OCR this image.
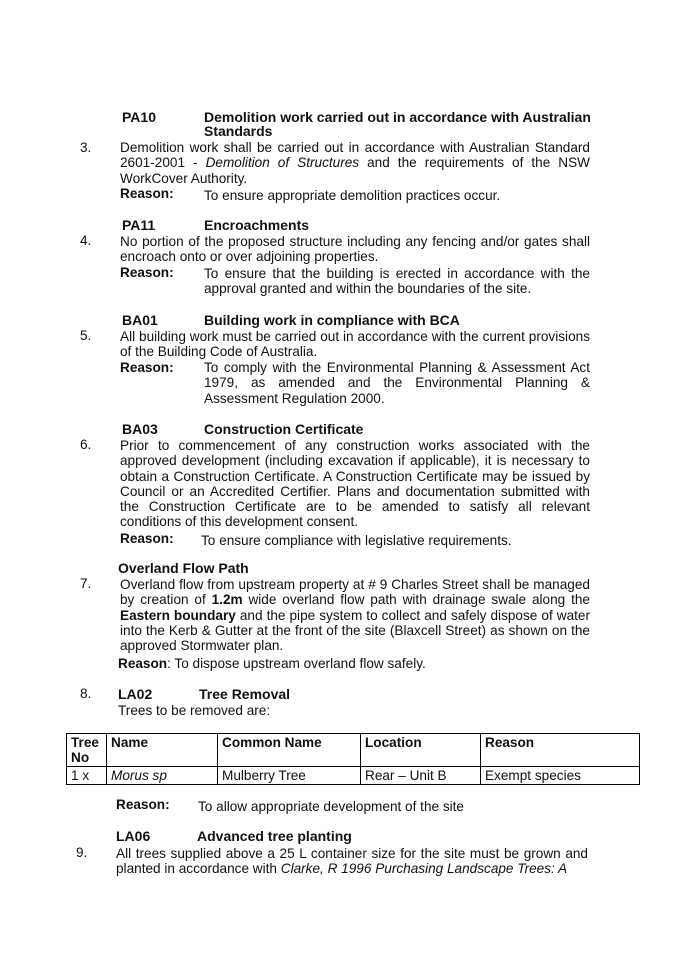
PA10	Demolition work carried out in accordance with Australian
Standards
3. Demolition work shall be carried out in accordance with Australian Standard 2601-2001 - Demolition of Structures and the requirements of the NSW WorkCover Authority.
Reason: To ensure appropriate demolition practices occur.
PA11	Encroachments
4. No portion of the proposed structure including any fencing and/or gates shall encroach onto or over adjoining properties.
Reason: To ensure that the building is erected in accordance with the approval granted and within the boundaries of the site.
BA01	Building work in compliance with BCA
5. All building work must be carried out in accordance with the current provisions of the Building Code of Australia.
Reason: To comply with the Environmental Planning & Assessment Act 1979, as amended and the Environmental Planning & Assessment Regulation 2000.
BA03	Construction Certificate
6. Prior to commencement of any construction works associated with the approved development (including excavation if applicable), it is necessary to obtain a Construction Certificate. A Construction Certificate may be issued by Council or an Accredited Certifier. Plans and documentation submitted with the Construction Certificate are to be amended to satisfy all relevant conditions of this development consent.
Reason: To ensure compliance with legislative requirements.
Overland Flow Path
7. Overland flow from upstream property at # 9 Charles Street shall be managed by creation of 1.2m wide overland flow path with drainage swale along the Eastern boundary and the pipe system to collect and safely dispose of water into the Kerb & Gutter at the front of the site (Blaxcell Street) as shown on the approved Stormwater plan.
Reason: To dispose upstream overland flow safely.
8. LA02	Tree Removal
Trees to be removed are:
Tree No	Name	Common Name	Location	Reason
1 x	Morus sp	Mulberry Tree	Rear – Unit B	Exempt species
Reason: To allow appropriate development of the site
LA06	Advanced tree planting
9. All trees supplied above a 25 L container size for the site must be grown and planted in accordance with Clarke, R 1996 Purchasing Landscape Trees: A
